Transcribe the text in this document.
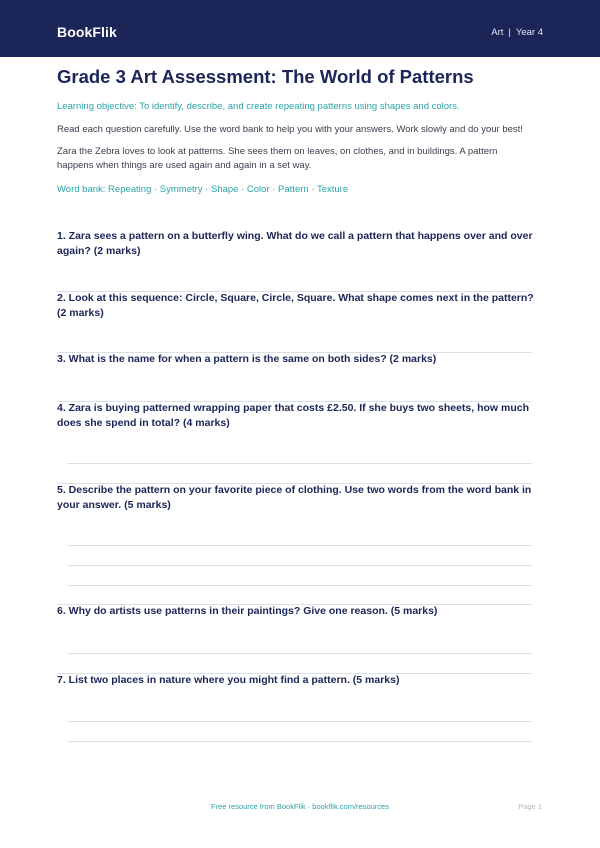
BookFlik	Art | Year 4
Grade 3 Art Assessment: The World of Patterns
Learning objective: To identify, describe, and create repeating patterns using shapes and colors.
Read each question carefully. Use the word bank to help you with your answers. Work slowly and do your best!
Zara the Zebra loves to look at patterns. She sees them on leaves, on clothes, and in buildings. A pattern happens when things are used again and again in a set way.
Word bank: Repeating · Symmetry · Shape · Color · Pattern · Texture
1. Zara sees a pattern on a butterfly wing. What do we call a pattern that happens over and over again? (2 marks)
2. Look at this sequence: Circle, Square, Circle, Square. What shape comes next in the pattern? (2 marks)
3. What is the name for when a pattern is the same on both sides? (2 marks)
4. Zara is buying patterned wrapping paper that costs £2.50. If she buys two sheets, how much does she spend in total? (4 marks)
5. Describe the pattern on your favorite piece of clothing. Use two words from the word bank in your answer. (5 marks)
6. Why do artists use patterns in their paintings? Give one reason. (5 marks)
7. List two places in nature where you might find a pattern. (5 marks)
Free resource from BookFlik · bookflik.com/resources	Page 1
